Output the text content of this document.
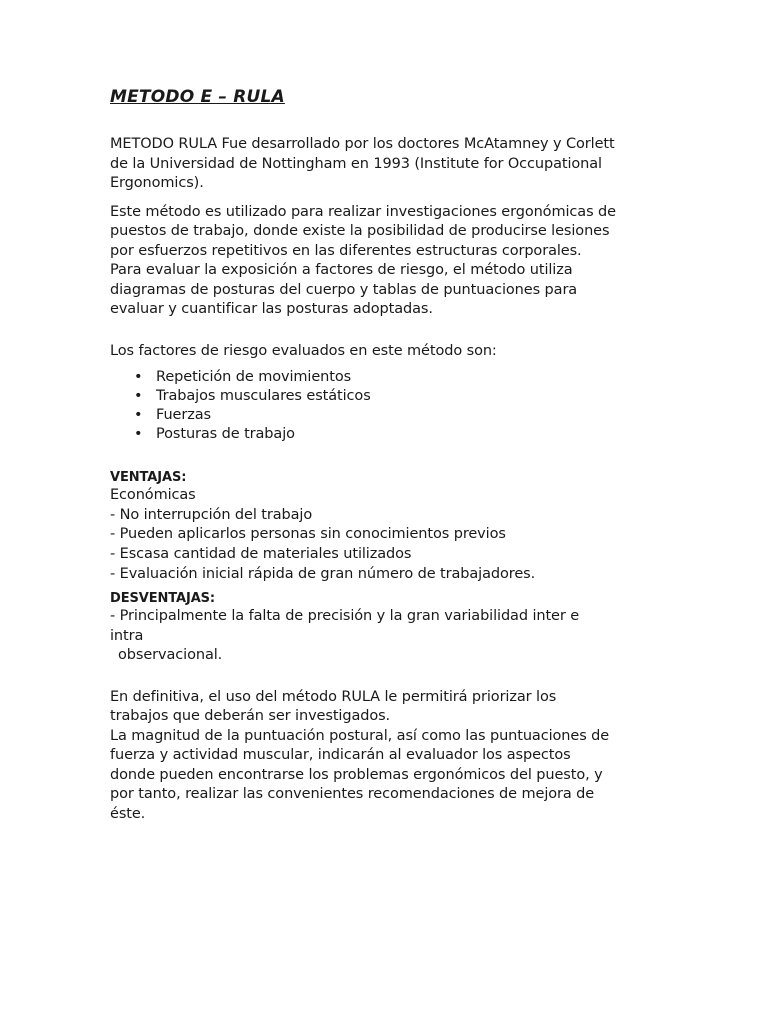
METODO E – RULA

METODO RULA Fue desarrollado por los doctores McAtamney y Corlett
de la Universidad de Nottingham en 1993 (Institute for Occupational
Ergonomics).

Este método es utilizado para realizar investigaciones ergonómicas de
puestos de trabajo, donde existe la posibilidad de producirse lesiones
por esfuerzos repetitivos en las diferentes estructuras corporales.
Para evaluar la exposición a factores de riesgo, el método utiliza
diagramas de posturas del cuerpo y tablas de puntuaciones para
evaluar y cuantificar las posturas adoptadas.

Los factores de riesgo evaluados en este método son:

• Repetición de movimientos
• Trabajos musculares estáticos
• Fuerzas
• Posturas de trabajo
VENTAJAS:
Económicas
- No interrupción del trabajo
- Pueden aplicarlos personas sin conocimientos previos
- Escasa cantidad de materiales utilizados
- Evaluación inicial rápida de gran número de trabajadores.
DESVENTAJAS:
- Principalmente la falta de precisión y la gran variabilidad inter e
intra
observacional.

En definitiva, el uso del método RULA le permitirá priorizar los
trabajos que deberán ser investigados.
La magnitud de la puntuación postural, así como las puntuaciones de
fuerza y actividad muscular, indicarán al evaluador los aspectos
donde pueden encontrarse los problemas ergonómicos del puesto, y
por tanto, realizar las convenientes recomendaciones de mejora de
éste.
